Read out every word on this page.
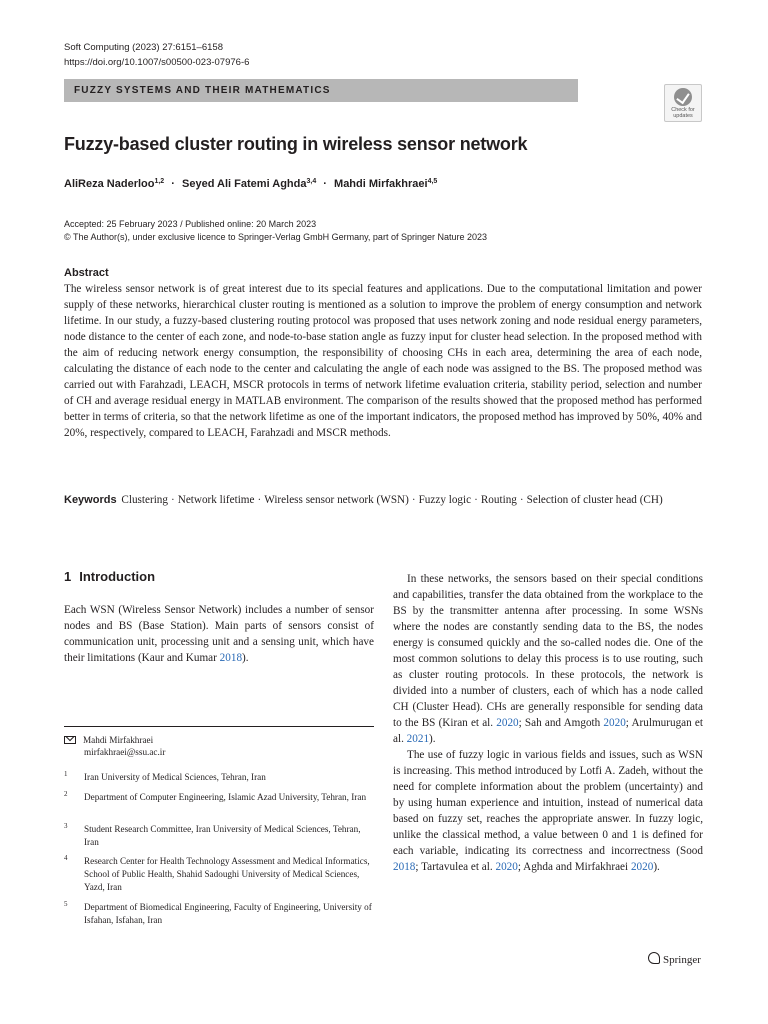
Soft Computing (2023) 27:6151–6158
https://doi.org/10.1007/s00500-023-07976-6
FUZZY SYSTEMS AND THEIR MATHEMATICS
Check for
updates
Fuzzy-based cluster routing in wireless sensor network
AliReza Naderloo$^{1,2}$ · Seyed Ali Fatemi Aghda$^{3,4}$ · Mahdi Mirfakhraei$^{4,5}$
Accepted: 25 February 2023 / Published online: 20 March 2023
© The Author(s), under exclusive licence to Springer-Verlag GmbH Germany, part of Springer Nature 2023
Abstract

The wireless sensor network is of great interest due to its special features and applications. Due to the computational limitation and power supply of these networks, hierarchical cluster routing is mentioned as a solution to improve the problem of energy consumption and network lifetime. In our study, a fuzzy-based clustering routing protocol was proposed that uses network zoning and node residual energy parameters, node distance to the center of each zone, and node-to-base station angle as fuzzy input for cluster head selection. In the proposed method with the aim of reducing network energy consumption, the responsibility of choosing CHs in each area, determining the area of each node, calculating the distance of each node to the center and calculating the angle of each node was assigned to the BS. The proposed method was carried out with Farahzadi, LEACH, MSCR protocols in terms of network lifetime evaluation criteria, stability period, selection and number of CH and average residual energy in MATLAB environment. The comparison of the results showed that the proposed method has performed better in terms of criteria, so that the network lifetime as one of the important indicators, the proposed method has improved by 50%, 40% and 20%, respectively, compared to LEACH, Farahzadi and MSCR methods.

Keywords Clustering · Network lifetime · Wireless sensor network (WSN) · Fuzzy logic · Routing · Selection of cluster head (CH)
1 Introduction

Each WSN (Wireless Sensor Network) includes a number of sensor nodes and BS (Base Station). Main parts of sensors consist of communication unit, processing unit and a sensing unit, which have their limitations (Kaur and Kumar 2018).

Mahdi Mirfakhraei
mirfakhraei@ssu.ac.ir
1	Iran University of Medical Sciences, Tehran, Iran
2	Department of Computer Engineering, Islamic Azad University, Tehran, Iran
3	Student Research Committee, Iran University of Medical Sciences, Tehran, Iran
4	Research Center for Health Technology Assessment and Medical Informatics, School of Public Health, Shahid Sadoughi University of Medical Sciences, Yazd, Iran
5	Department of Biomedical Engineering, Faculty of Engineering, University of Isfahan, Isfahan, Iran

In these networks, the sensors based on their special conditions and capabilities, transfer the data obtained from the workplace to the BS by the transmitter antenna after processing. In some WSNs where the nodes are constantly sending data to the BS, the nodes energy is consumed quickly and the so-called nodes die. One of the most common solutions to delay this process is to use routing, such as cluster routing protocols. In these protocols, the network is divided into a number of clusters, each of which has a node called CH (Cluster Head). CHs are generally responsible for sending data to the BS (Kiran et al. 2020; Sah and Amgoth 2020; Arulmurugan et al. 2021).

The use of fuzzy logic in various fields and issues, such as WSN is increasing. This method introduced by Lotfi A. Zadeh, without the need for complete information about the problem (uncertainty) and by using human experience and intuition, instead of numerical data based on fuzzy set, reaches the appropriate answer. In fuzzy logic, unlike the classical method, a value between 0 and 1 is defined for each variable, indicating its correctness and incorrectness (Sood 2018; Tartavulea et al. 2020; Aghda and Mirfakhraei 2020).

Springer
